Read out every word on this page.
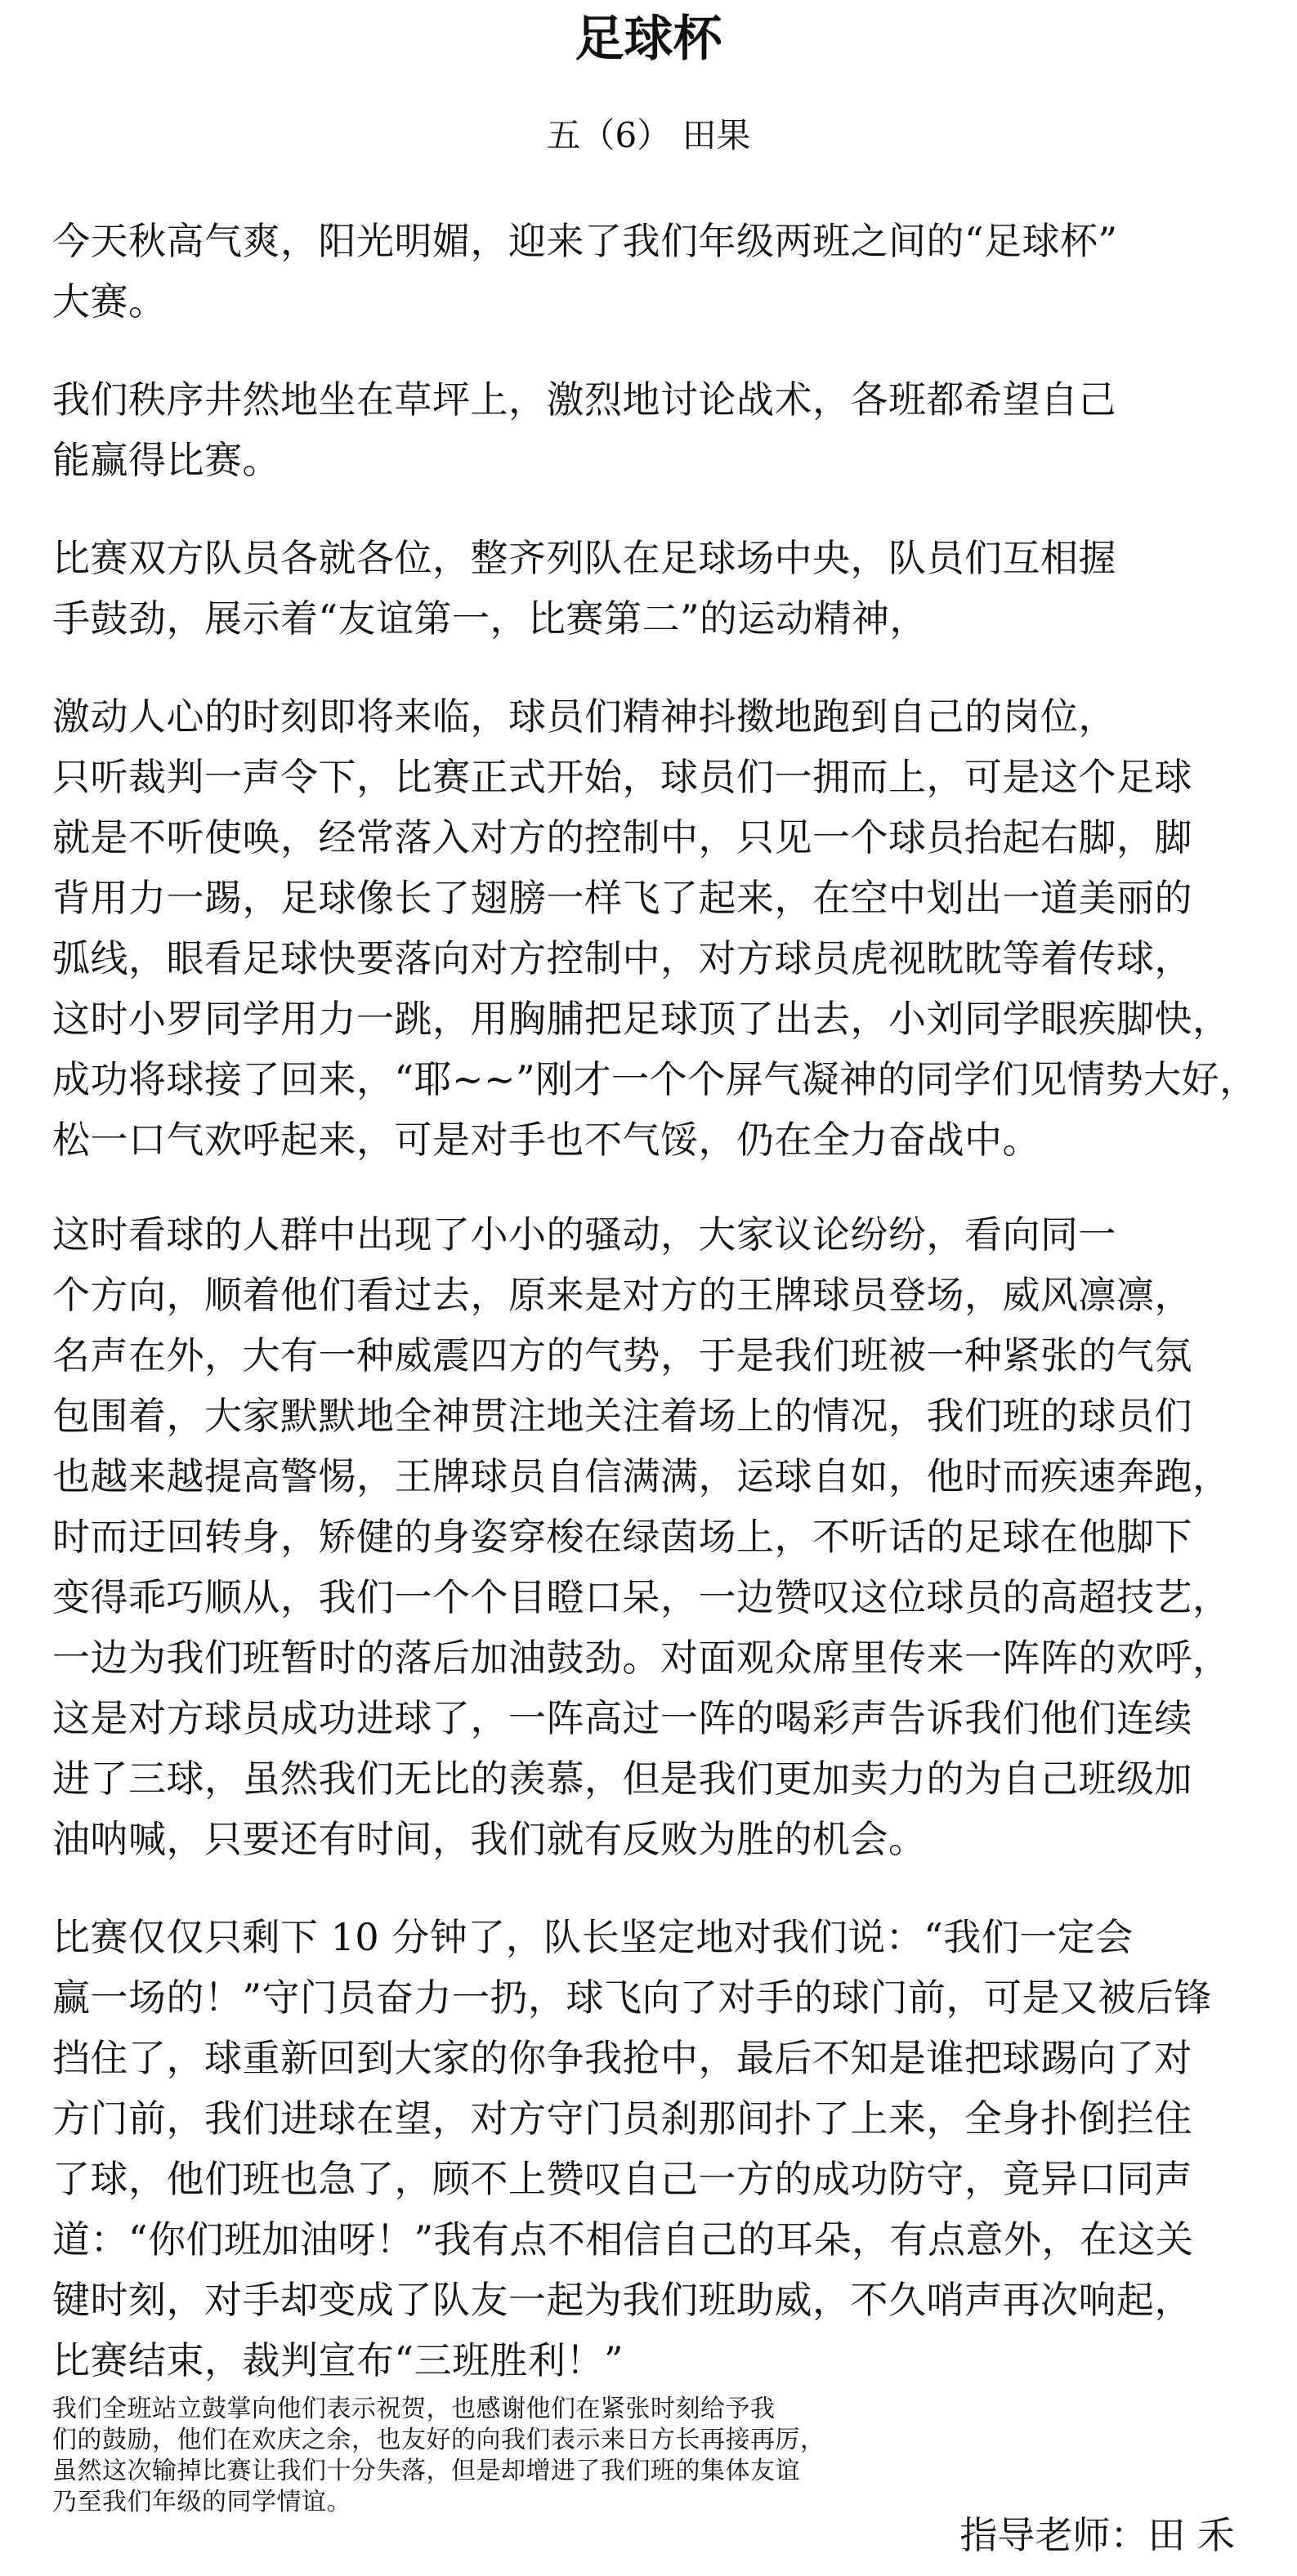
足球杯
五（6） 田果
今天秋高气爽，阳光明媚，迎来了我们年级两班之间的“足球杯”
大赛。
我们秩序井然地坐在草坪上，激烈地讨论战术，各班都希望自己
能赢得比赛。
比赛双方队员各就各位，整齐列队在足球场中央，队员们互相握
手鼓劲，展示着“友谊第一，比赛第二”的运动精神，
激动人心的时刻即将来临，球员们精神抖擞地跑到自己的岗位，
只听裁判一声令下，比赛正式开始，球员们一拥而上，可是这个足球
就是不听使唤，经常落入对方的控制中，只见一个球员抬起右脚，脚
背用力一踢，足球像长了翅膀一样飞了起来，在空中划出一道美丽的
弧线，眼看足球快要落向对方控制中，对方球员虎视眈眈等着传球，
这时小罗同学用力一跳，用胸脯把足球顶了出去，小刘同学眼疾脚快，
成功将球接了回来，“耶~~”刚才一个个屏气凝神的同学们见情势大好，
松一口气欢呼起来，可是对手也不气馁，仍在全力奋战中。
这时看球的人群中出现了小小的骚动，大家议论纷纷，看向同一
个方向，顺着他们看过去，原来是对方的王牌球员登场，威风凛凛，
名声在外，大有一种威震四方的气势，于是我们班被一种紧张的气氛
包围着，大家默默地全神贯注地关注着场上的情况，我们班的球员们
也越来越提高警惕，王牌球员自信满满，运球自如，他时而疾速奔跑，
时而迂回转身，矫健的身姿穿梭在绿茵场上，不听话的足球在他脚下
变得乖巧顺从，我们一个个目瞪口呆，一边赞叹这位球员的高超技艺，
一边为我们班暂时的落后加油鼓劲。对面观众席里传来一阵阵的欢呼，
这是对方球员成功进球了，一阵高过一阵的喝彩声告诉我们他们连续
进了三球，虽然我们无比的羡慕，但是我们更加卖力的为自己班级加
油呐喊，只要还有时间，我们就有反败为胜的机会。
比赛仅仅只剩下 10 分钟了，队长坚定地对我们说：“我们一定会
赢一场的！”守门员奋力一扔，球飞向了对手的球门前，可是又被后锋
挡住了，球重新回到大家的你争我抢中，最后不知是谁把球踢向了对
方门前，我们进球在望，对方守门员刹那间扑了上来，全身扑倒拦住
了球，他们班也急了，顾不上赞叹自己一方的成功防守，竟异口同声
道：“你们班加油呀！”我有点不相信自己的耳朵，有点意外，在这关
键时刻，对手却变成了队友一起为我们班助威，不久哨声再次响起，
比赛结束，裁判宣布“三班胜利！”
我们全班站立鼓掌向他们表示祝贺，也感谢他们在紧张时刻给予我
们的鼓励，他们在欢庆之余，也友好的向我们表示来日方长再接再厉，
虽然这次输掉比赛让我们十分失落，但是却增进了我们班的集体友谊
乃至我们年级的同学情谊。
指导老师：田 禾
